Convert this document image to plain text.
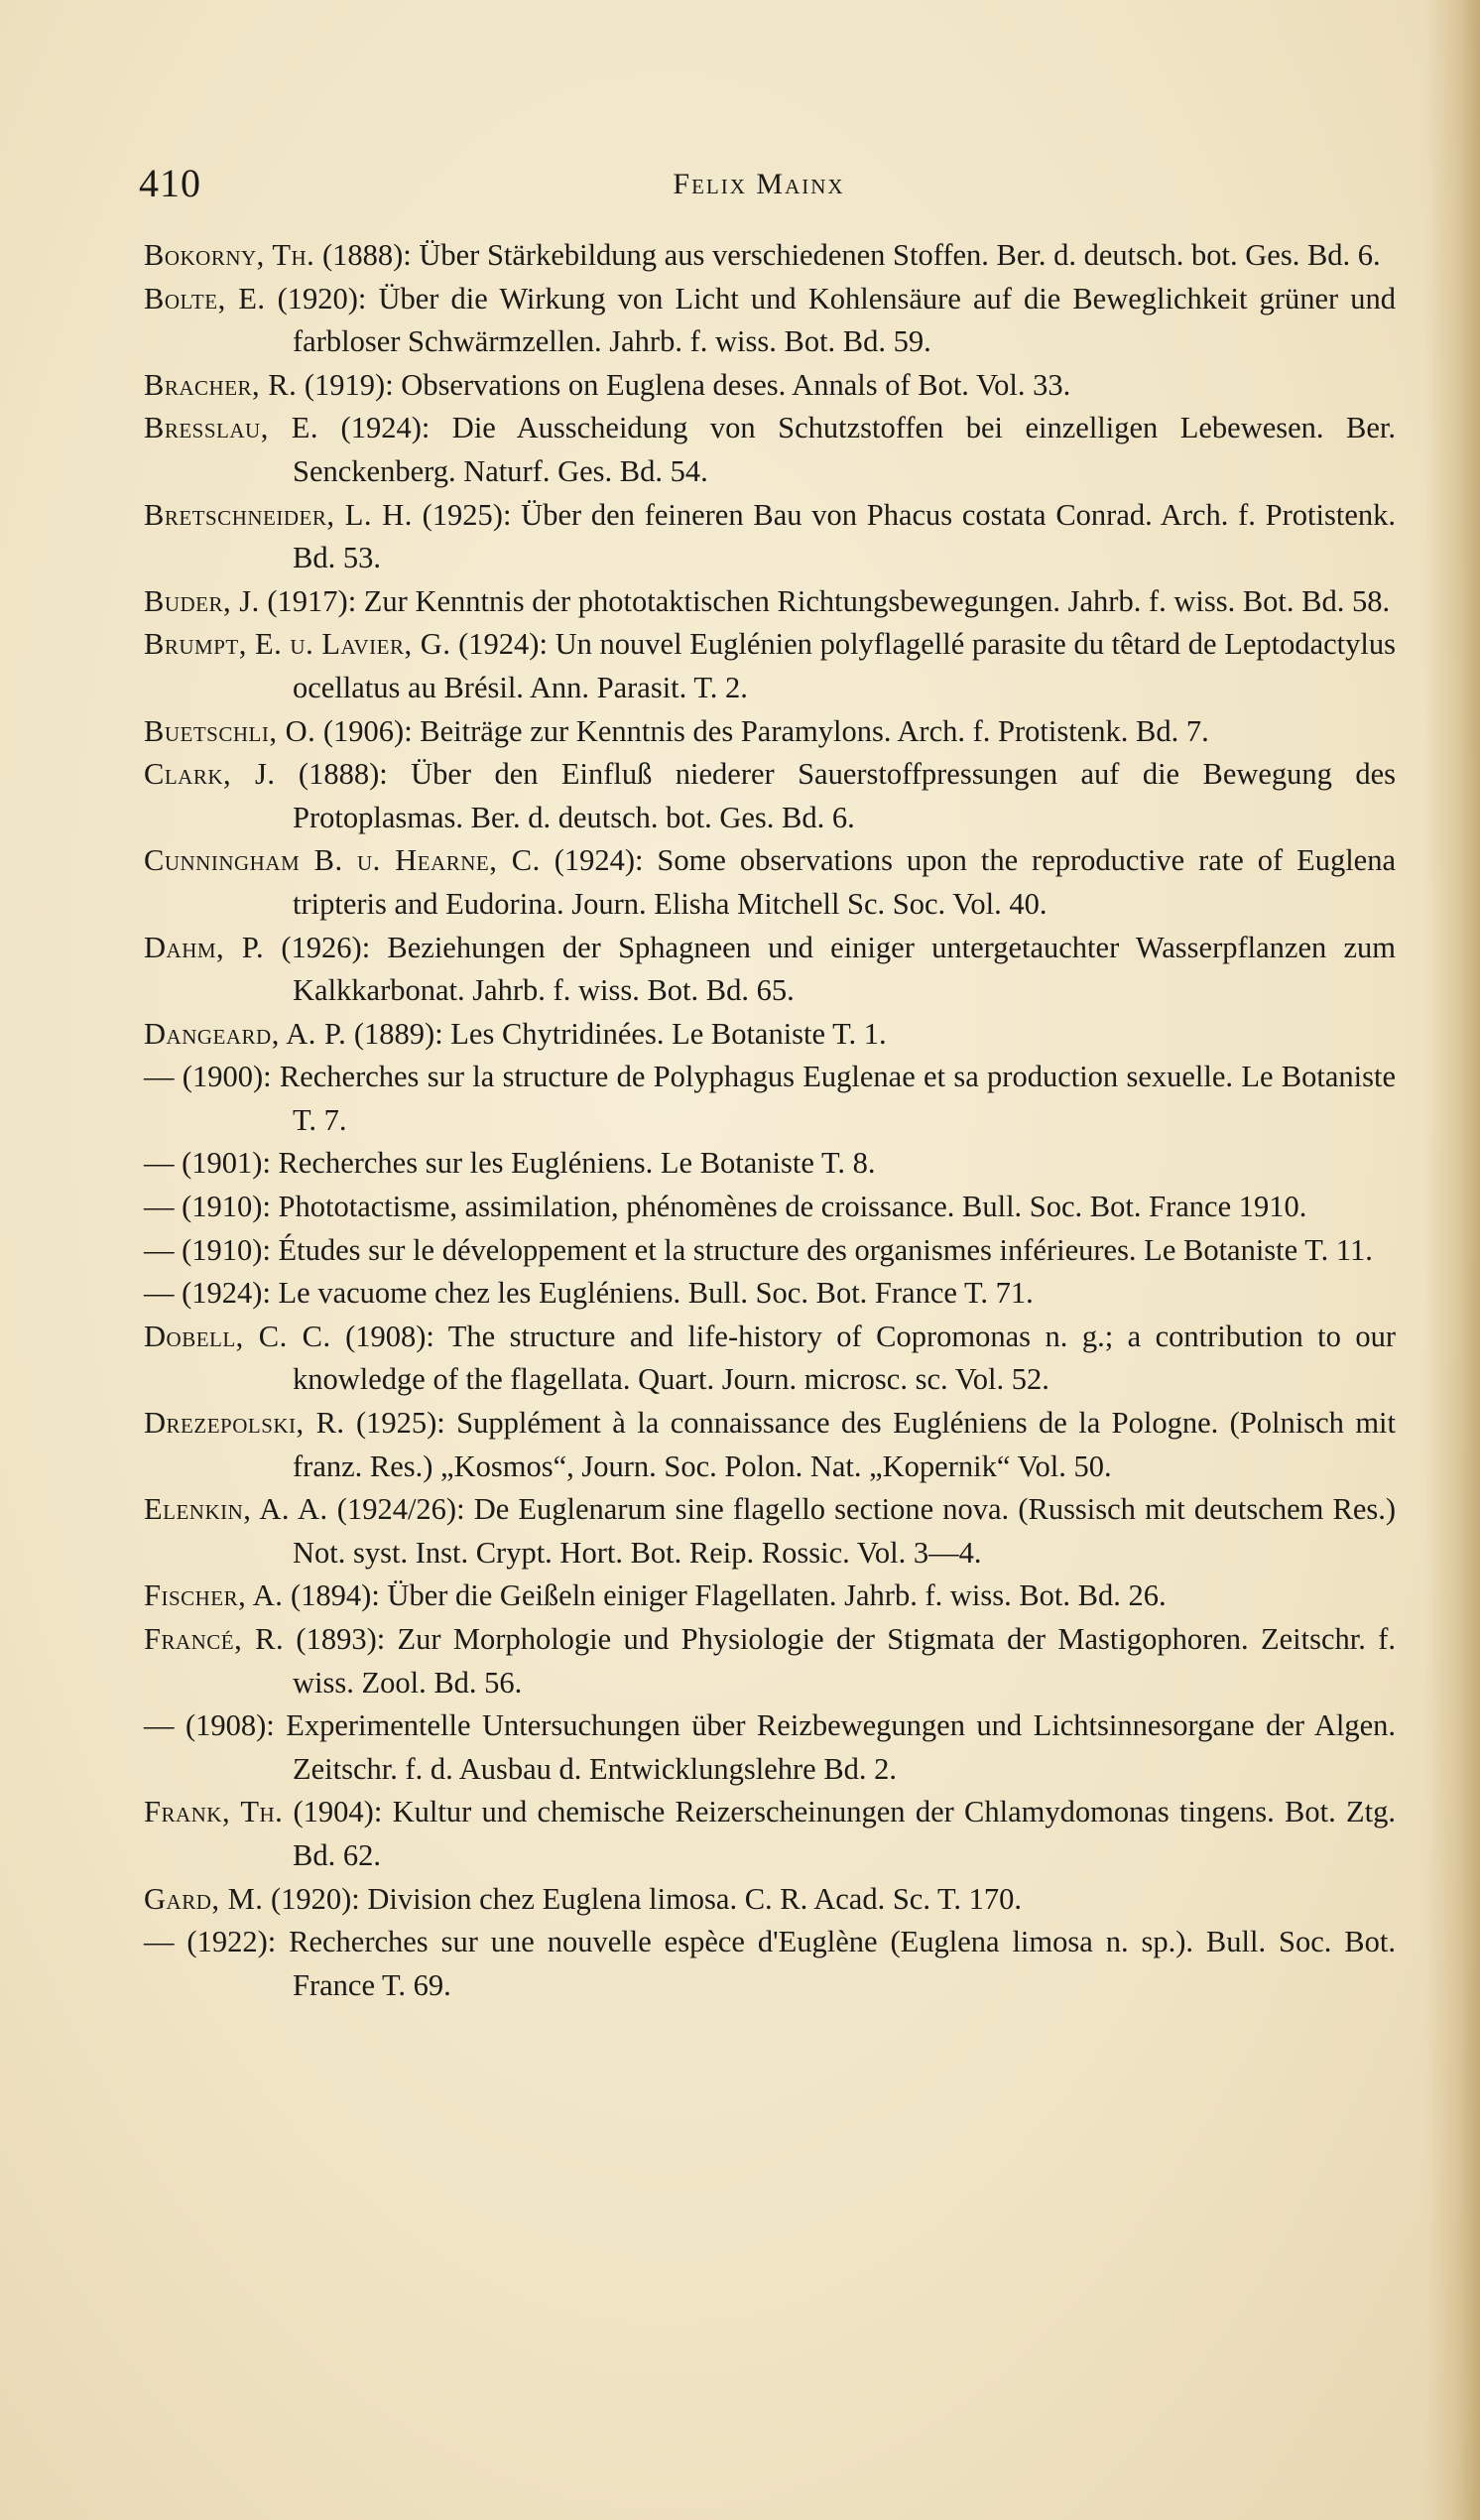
410	Felix Mainx
Bokorny, Th. (1888): Über Stärkebildung aus verschiedenen Stoffen. Ber. d. deutsch. bot. Ges. Bd. 6.
Bolte, E. (1920): Über die Wirkung von Licht und Kohlensäure auf die Beweglichkeit grüner und farbloser Schwärmzellen. Jahrb. f. wiss. Bot. Bd. 59.
Bracher, R. (1919): Observations on Euglena deses. Annals of Bot. Vol. 33.
Bresslau, E. (1924): Die Ausscheidung von Schutzstoffen bei einzelligen Lebewesen. Ber. Senckenberg. Naturf. Ges. Bd. 54.
Bretschneider, L. H. (1925): Über den feineren Bau von Phacus costata Conrad. Arch. f. Protistenk. Bd. 53.
Buder, J. (1917): Zur Kenntnis der phototaktischen Richtungsbewegungen. Jahrb. f. wiss. Bot. Bd. 58.
Brumpt, E. u. Lavier, G. (1924): Un nouvel Euglénien polyflagellé parasite du têtard de Leptodactylus ocellatus au Brésil. Ann. Parasit. T. 2.
Buetschli, O. (1906): Beiträge zur Kenntnis des Paramylons. Arch. f. Protistenk. Bd. 7.
Clark, J. (1888): Über den Einfluß niederer Sauerstoffpressungen auf die Bewegung des Protoplasmas. Ber. d. deutsch. bot. Ges. Bd. 6.
Cunningham B. u. Hearne, C. (1924): Some observations upon the reproductive rate of Euglena tripteris and Eudorina. Journ. Elisha Mitchell Sc. Soc. Vol. 40.
Dahm, P. (1926): Beziehungen der Sphagneen und einiger untergetauchter Wasserpflanzen zum Kalkkarbonat. Jahrb. f. wiss. Bot. Bd. 65.
Dangeard, A. P. (1889): Les Chytridinées. Le Botaniste T. 1.
— (1900): Recherches sur la structure de Polyphagus Euglenae et sa production sexuelle. Le Botaniste T. 7.
— (1901): Recherches sur les Eugléniens. Le Botaniste T. 8.
— (1910): Phototactisme, assimilation, phénomènes de croissance. Bull. Soc. Bot. France 1910.
— (1910): Études sur le développement et la structure des organismes inférieures. Le Botaniste T. 11.
— (1924): Le vacuome chez les Eugléniens. Bull. Soc. Bot. France T. 71.
Dobell, C. C. (1908): The structure and life-history of Copromonas n. g.; a contribution to our knowledge of the flagellata. Quart. Journ. microsc. sc. Vol. 52.
Drezepolski, R. (1925): Supplément à la connaissance des Eugléniens de la Pologne. (Polnisch mit franz. Res.) „Kosmos“, Journ. Soc. Polon. Nat. „Kopernik“ Vol. 50.
Elenkin, A. A. (1924/26): De Euglenarum sine flagello sectione nova. (Russisch mit deutschem Res.) Not. syst. Inst. Crypt. Hort. Bot. Reip. Rossic. Vol. 3—4.
Fischer, A. (1894): Über die Geißeln einiger Flagellaten. Jahrb. f. wiss. Bot. Bd. 26.
Francé, R. (1893): Zur Morphologie und Physiologie der Stigmata der Mastigophoren. Zeitschr. f. wiss. Zool. Bd. 56.
— (1908): Experimentelle Untersuchungen über Reizbewegungen und Lichtsinnesorgane der Algen. Zeitschr. f. d. Ausbau d. Entwicklungslehre Bd. 2.
Frank, Th. (1904): Kultur und chemische Reizerscheinungen der Chlamydomonas tingens. Bot. Ztg. Bd. 62.
Gard, M. (1920): Division chez Euglena limosa. C. R. Acad. Sc. T. 170.
— (1922): Recherches sur une nouvelle espèce d'Euglène (Euglena limosa n. sp.). Bull. Soc. Bot. France T. 69.
